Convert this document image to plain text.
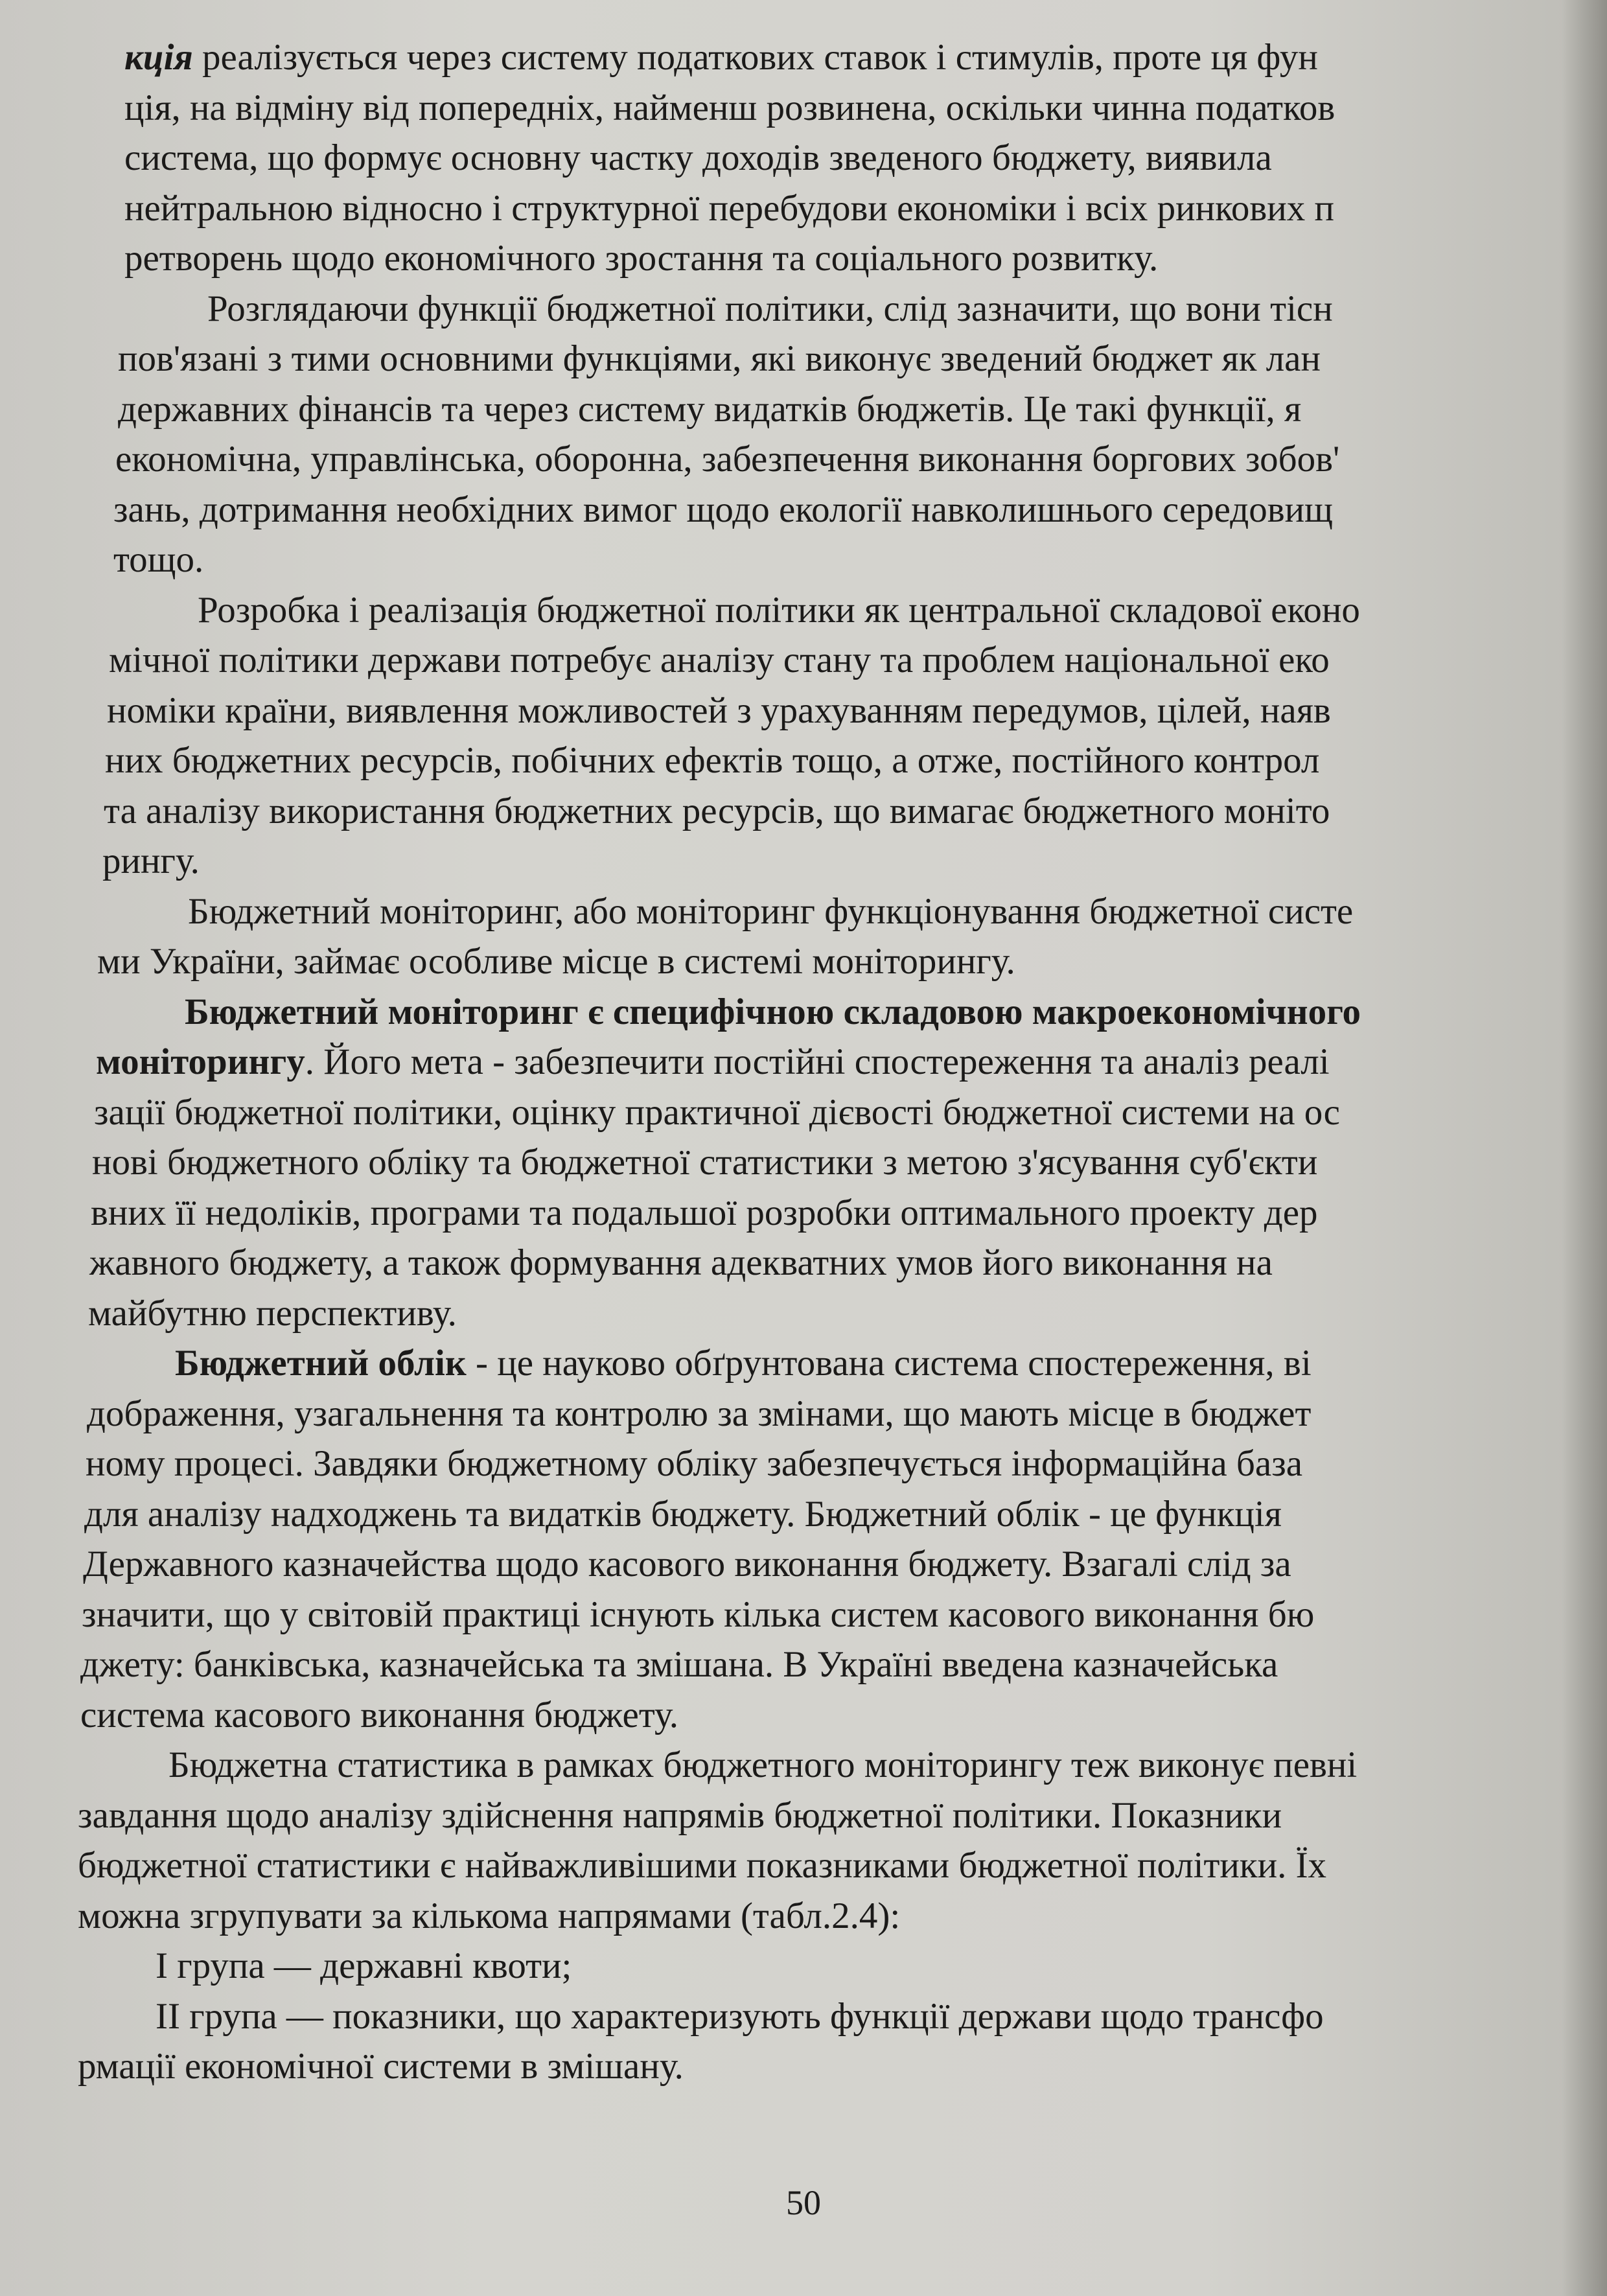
кція реалізується через систему податкових ставок і стимулів, проте ця фун

ція, на відміну від попередніх, найменш розвинена, оскільки чинна податков

система, що формує основну частку доходів зведеного бюджету, виявила

нейтральною відносно і структурної перебудови економіки і всіх ринкових п

ретворень щодо економічного зростання та соціального розвитку.

Розглядаючи функції бюджетної політики, слід зазначити, що вони тісн

пов'язані з тими основними функціями, які виконує зведений бюджет як лан

державних фінансів та через систему видатків бюджетів. Це такі функції, я

економічна, управлінська, оборонна, забезпечення виконання боргових зобов'

зань, дотримання необхідних вимог щодо екології навколишнього середовищ

тощо.

Розробка і реалізація бюджетної політики як центральної складової еконо

мічної політики держави потребує аналізу стану та проблем національної еко

номіки країни, виявлення можливостей з урахуванням передумов, цілей, наяв

них бюджетних ресурсів, побічних ефектів тощо, а отже, постійного контрол

та аналізу використання бюджетних ресурсів, що вимагає бюджетного моніто

рингу.

Бюджетний моніторинг, або моніторинг функціонування бюджетної систе

ми України, займає особливе місце в системі моніторингу.

Бюджетний моніторинг є специфічною складовою макроекономічного

моніторингу. Його мета - забезпечити постійні спостереження та аналіз реалі

зації бюджетної політики, оцінку практичної дієвості бюджетної системи на ос

нові бюджетного обліку та бюджетної статистики з метою з'ясування суб'єкти

вних її недоліків, програми та подальшої розробки оптимального проекту дер

жавного бюджету, а також формування адекватних умов його виконання на

майбутню перспективу.

Бюджетний облік - це науково обґрунтована система спостереження, ві

дображення, узагальнення та контролю за змінами, що мають місце в бюджет

ному процесі. Завдяки бюджетному обліку забезпечується інформаційна база

для аналізу надходжень та видатків бюджету. Бюджетний облік - це функція

Державного казначейства щодо касового виконання бюджету. Взагалі слід за

значити, що у світовій практиці існують кілька систем касового виконання бю

джету: банківська, казначейська та змішана. В Україні введена казначейська

система касового виконання бюджету.

Бюджетна статистика в рамках бюджетного моніторингу теж виконує певні

завдання щодо аналізу здійснення напрямів бюджетної політики. Показники

бюджетної статистики є найважливішими показниками бюджетної політики. Їх

можна згрупувати за кількома напрямами (табл.2.4):

I група — державні квоти;

II група — показники, що характеризують функції держави щодо трансфо

рмації економічної системи в змішану.

50
